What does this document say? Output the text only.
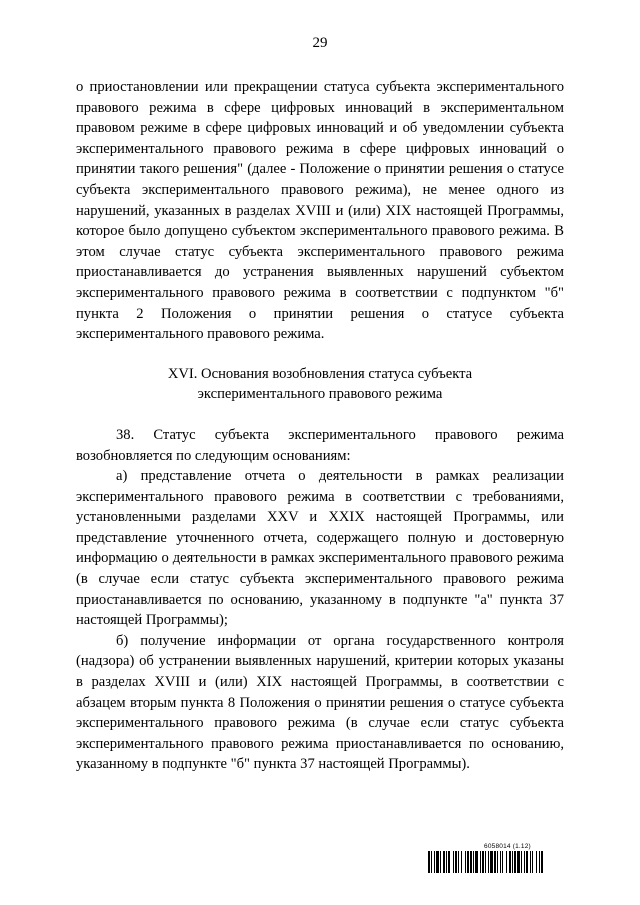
29

о приостановлении или прекращении статуса субъекта экспериментального правового режима в сфере цифровых инноваций в экспериментальном правовом режиме в сфере цифровых инноваций и об уведомлении субъекта экспериментального правового режима в сфере цифровых инноваций о принятии такого решения" (далее - Положение о принятии решения о статусе субъекта экспериментального правового режима), не менее одного из нарушений, указанных в разделах XVIII и (или) XIX настоящей Программы, которое было допущено субъектом экспериментального правового режима. В этом случае статус субъекта экспериментального правового режима приостанавливается до устранения выявленных нарушений субъектом экспериментального правового режима в соответствии с подпунктом "б" пункта 2 Положения о принятии решения о статусе субъекта экспериментального правового режима.

XVI. Основания возобновления статуса субъекта
экспериментального правового режима

38. Статус субъекта экспериментального правового режима возобновляется по следующим основаниям:

а) представление отчета о деятельности в рамках реализации экспериментального правового режима в соответствии с требованиями, установленными разделами XXV и XXIX настоящей Программы, или представление уточненного отчета, содержащего полную и достоверную информацию о деятельности в рамках экспериментального правового режима (в случае если статус субъекта экспериментального правового режима приостанавливается по основанию, указанному в подпункте "а" пункта 37 настоящей Программы);

б) получение информации от органа государственного контроля (надзора) об устранении выявленных нарушений, критерии которых указаны в разделах XVIII и (или) XIX настоящей Программы, в соответствии с абзацем вторым пункта 8 Положения о принятии решения о статусе субъекта экспериментального правового режима (в случае если статус субъекта экспериментального правового режима приостанавливается по основанию, указанному в подпункте "б" пункта 37 настоящей Программы).

6058014 (1.12)
